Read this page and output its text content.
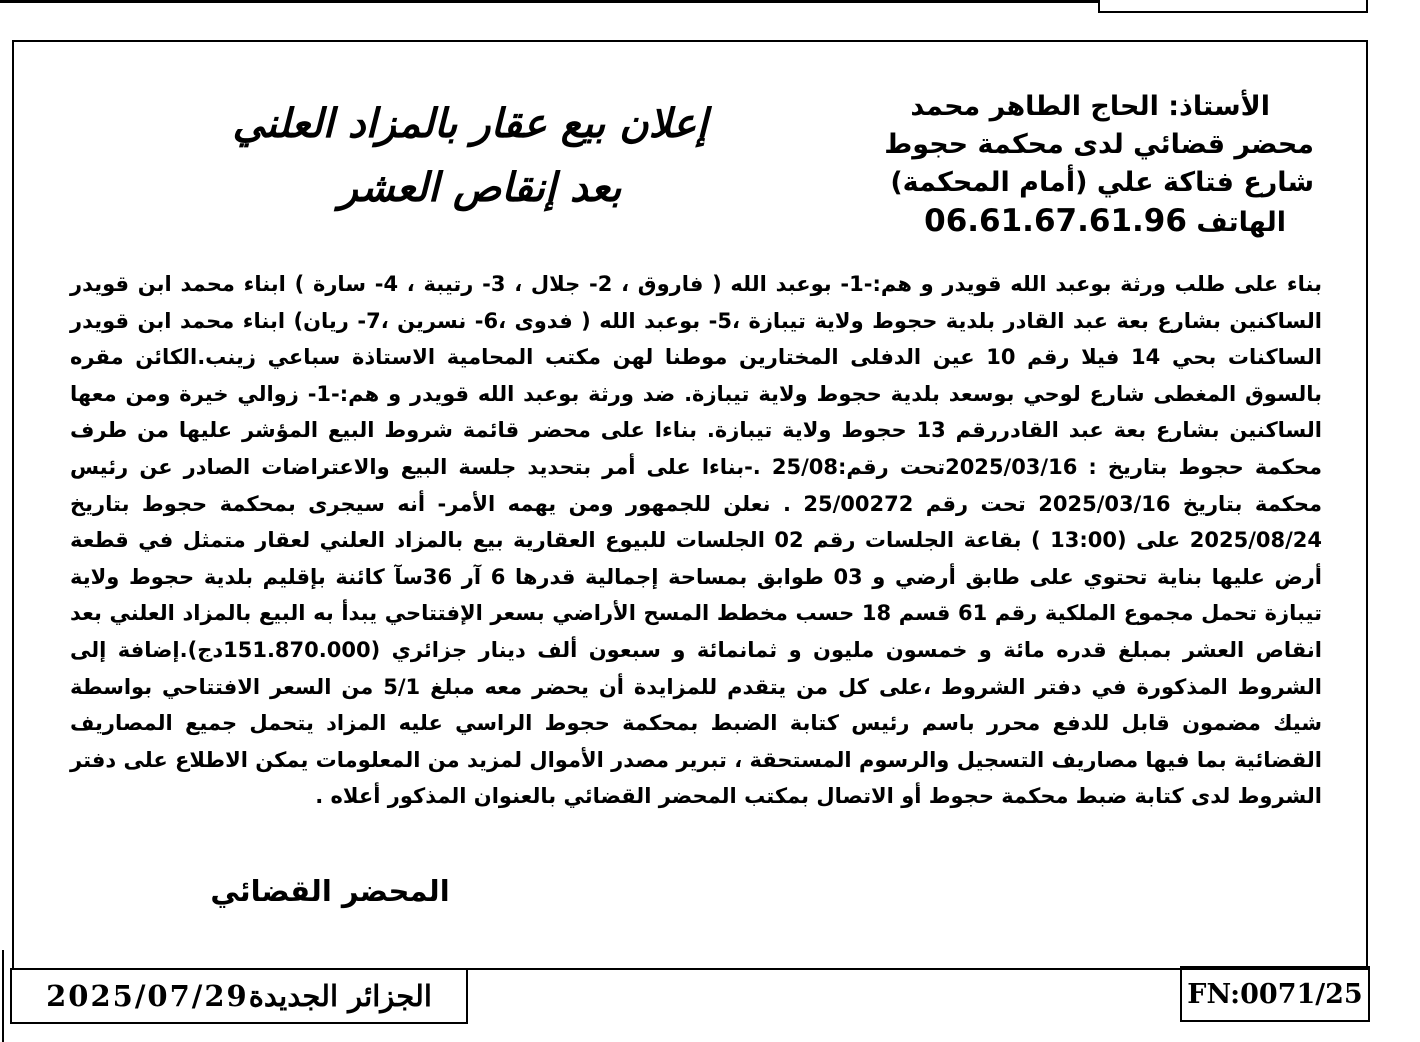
الأستاذ: الحاج الطاهر محمد
محضر قضائي لدى محكمة حجوط
شارع فتاكة علي (أمام المحكمة)
الهاتف 06.61.67.61.96
إعلان بيع عقار بالمزاد العلني
بعد إنقاص العشر
بناء على طلب ورثة بوعبد الله قويدر و هم:-1- بوعبد الله ( فاروق ، 2- جلال ، 3- رتيبة ، 4- سارة ) ابناء محمد ابن قويدر الساكنين بشارع بعة عبد القادر بلدية حجوط ولاية تيبازة ،5- بوعبد الله ( فدوى ،6- نسرين ،7- ريان) ابناء محمد ابن قويدر الساكنات بحي 14 فيلا رقم 10 عين الدفلى المختارين موطنا لهن مكتب المحامية الاستاذة سباعي زينب.الكائن مقره بالسوق المغطى شارع لوحي بوسعد بلدية حجوط ولاية تيبازة. ضد ورثة بوعبد الله قويدر و هم:-1- زوالي خيرة ومن معها الساكنين بشارع بعة عبد القادررقم 13 حجوط ولاية تيبازة. بناءا على محضر قائمة شروط البيع المؤشر عليها من طرف محكمة حجوط بتاريخ : 2025/03/16تحت رقم:25/08 .-بناءا على أمر بتحديد جلسة البيع والاعتراضات الصادر عن رئيس محكمة بتاريخ 2025/03/16 تحت رقم 25/00272 . نعلن للجمهور ومن يهمه الأمر- أنه سيجرى بمحكمة حجوط بتاريخ 2025/08/24 على (13:00 ) بقاعة الجلسات رقم 02 الجلسات للبيوع العقارية بيع بالمزاد العلني لعقار متمثل في قطعة أرض عليها بناية تحتوي على طابق أرضي و 03 طوابق بمساحة إجمالية قدرها 6 آر 36سآ كائنة بإقليم بلدية حجوط ولاية تيبازة تحمل مجموع الملكية رقم 61 قسم 18 حسب مخطط المسح الأراضي بسعر الإفتتاحي يبدأ به البيع بالمزاد العلني بعد انقاص العشر بمبلغ قدره مائة و خمسون مليون و ثمانمائة و سبعون ألف دينار جزائري (151.870.000دج).إضافة إلى الشروط المذكورة في دفتر الشروط ،على كل من يتقدم للمزايدة أن يحضر معه مبلغ 5/1 من السعر الافتتاحي بواسطة شيك مضمون قابل للدفع محرر باسم رئيس كتابة الضبط بمحكمة حجوط الراسي عليه المزاد يتحمل جميع المصاريف القضائية بما فيها مصاريف التسجيل والرسوم المستحقة ، تبرير مصدر الأموال لمزيد من المعلومات يمكن الاطلاع على دفتر الشروط لدى كتابة ضبط محكمة حجوط أو الاتصال بمكتب المحضر القضائي بالعنوان المذكور أعلاه .
المحضر القضائي
2025/07/29 الجزائر الجديدة	FN:0071/25
